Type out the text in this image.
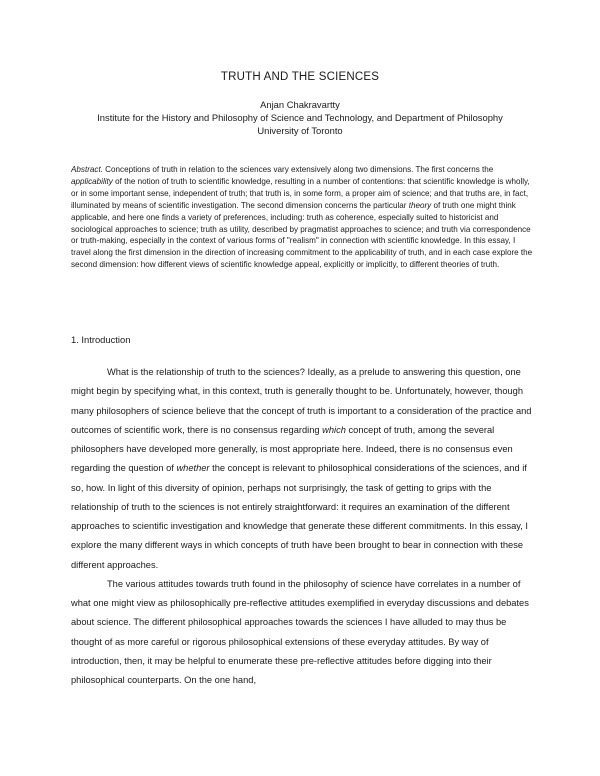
TRUTH AND THE SCIENCES
Anjan Chakravartty
Institute for the History and Philosophy of Science and Technology, and Department of Philosophy
University of Toronto
Abstract. Conceptions of truth in relation to the sciences vary extensively along two dimensions. The first concerns the applicability of the notion of truth to scientific knowledge, resulting in a number of contentions: that scientific knowledge is wholly, or in some important sense, independent of truth; that truth is, in some form, a proper aim of science; and that truths are, in fact, illuminated by means of scientific investigation. The second dimension concerns the particular theory of truth one might think applicable, and here one finds a variety of preferences, including: truth as coherence, especially suited to historicist and sociological approaches to science; truth as utility, described by pragmatist approaches to science; and truth via correspondence or truth-making, especially in the context of various forms of "realism" in connection with scientific knowledge. In this essay, I travel along the first dimension in the direction of increasing commitment to the applicability of truth, and in each case explore the second dimension: how different views of scientific knowledge appeal, explicitly or implicitly, to different theories of truth.
1. Introduction

What is the relationship of truth to the sciences? Ideally, as a prelude to answering this question, one might begin by specifying what, in this context, truth is generally thought to be. Unfortunately, however, though many philosophers of science believe that the concept of truth is important to a consideration of the practice and outcomes of scientific work, there is no consensus regarding which concept of truth, among the several philosophers have developed more generally, is most appropriate here. Indeed, there is no consensus even regarding the question of whether the concept is relevant to philosophical considerations of the sciences, and if so, how. In light of this diversity of opinion, perhaps not surprisingly, the task of getting to grips with the relationship of truth to the sciences is not entirely straightforward: it requires an examination of the different approaches to scientific investigation and knowledge that generate these different commitments. In this essay, I explore the many different ways in which concepts of truth have been brought to bear in connection with these different approaches.

The various attitudes towards truth found in the philosophy of science have correlates in a number of what one might view as philosophically pre-reflective attitudes exemplified in everyday discussions and debates about science. The different philosophical approaches towards the sciences I have alluded to may thus be thought of as more careful or rigorous philosophical extensions of these everyday attitudes. By way of introduction, then, it may be helpful to enumerate these pre-reflective attitudes before digging into their philosophical counterparts. On the one hand,
